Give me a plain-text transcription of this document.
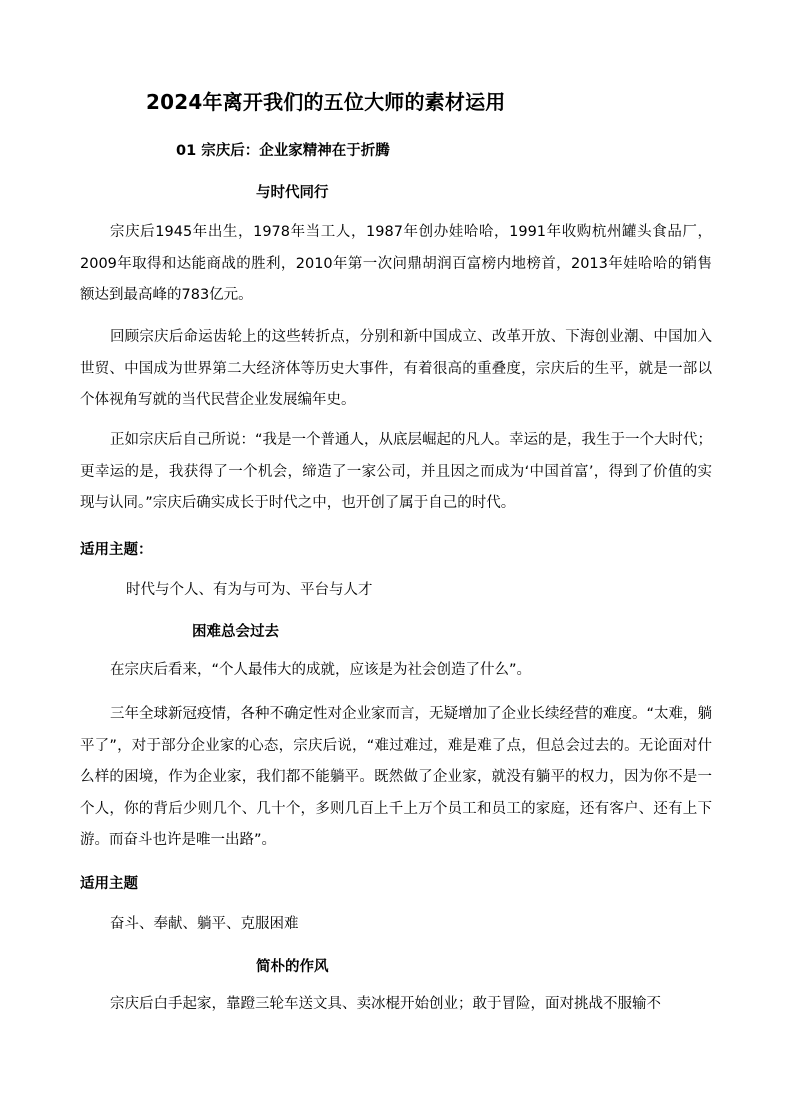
2024年离开我们的五位大师的素材运用
01 宗庆后：企业家精神在于折腾
与时代同行

宗庆后1945年出生，1978年当工人，1987年创办娃哈哈，1991年收购杭州罐头食品厂，2009年取得和达能商战的胜利，2010年第一次问鼎胡润百富榜内地榜首，2013年娃哈哈的销售额达到最高峰的783亿元。

回顾宗庆后命运齿轮上的这些转折点，分别和新中国成立、改革开放、下海创业潮、中国加入世贸、中国成为世界第二大经济体等历史大事件，有着很高的重叠度，宗庆后的生平，就是一部以个体视角写就的当代民营企业发展编年史。

正如宗庆后自己所说：“我是一个普通人，从底层崛起的凡人。幸运的是，我生于一个大时代；更幸运的是，我获得了一个机会，缔造了一家公司，并且因之而成为‘中国首富’，得到了价值的实现与认同。”宗庆后确实成长于时代之中，也开创了属于自己的时代。

适用主题：
时代与个人、有为与可为、平台与人才
困难总会过去

在宗庆后看来，“个人最伟大的成就，应该是为社会创造了什么”。

三年全球新冠疫情，各种不确定性对企业家而言，无疑增加了企业长续经营的难度。“太难，躺平了”，对于部分企业家的心态，宗庆后说，“难过难过，难是难了点，但总会过去的。无论面对什么样的困境，作为企业家，我们都不能躺平。既然做了企业家，就没有躺平的权力，因为你不是一个人，你的背后少则几个、几十个，多则几百上千上万个员工和员工的家庭，还有客户、还有上下游。而奋斗也许是唯一出路”。

适用主题
奋斗、奉献、躺平、克服困难
简朴的作风

宗庆后白手起家，靠蹬三轮车送文具、卖冰棍开始创业；敢于冒险，面对挑战不服输不
